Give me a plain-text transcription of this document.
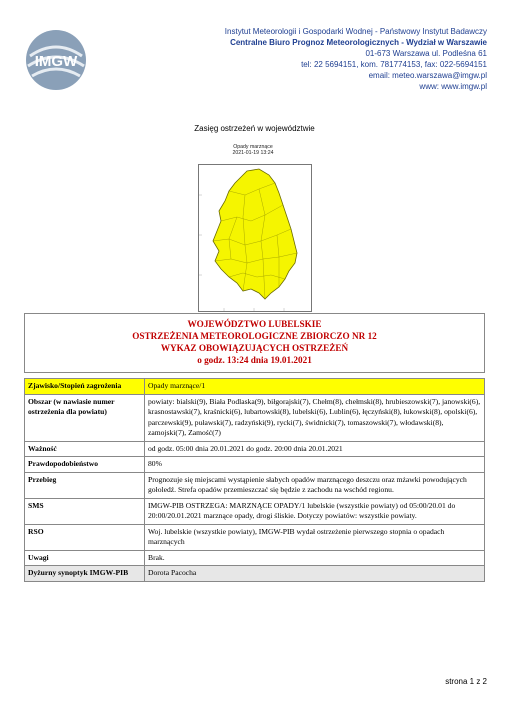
IMGW
Instytut Meteorologii i Gospodarki Wodnej - Państwowy Instytut Badawczy
Centralne Biuro Prognoz Meteorologicznych - Wydział w Warszawie
01-673 Warszawa ul. Podleśna 61
tel: 22 5694151, kom. 781774153, fax: 022-5694151
email: meteo.warszawa@imgw.pl
www: www.imgw.pl
Zasięg ostrzeżeń w województwie
Opady marznące
2021-01-19 13:24
WOJEWÓDZTWO LUBELSKIE
OSTRZEŻENIA METEOROLOGICZNE ZBIORCZO NR 12
WYKAZ OBOWIĄZUJĄCYCH OSTRZEŻEŃ
o godz. 13:24 dnia 19.01.2021
Zjawisko/Stopień zagrożenia	Opady marznące/1
Obszar (w nawiasie numer ostrzeżenia dla powiatu)	powiaty: bialski(9), Biała Podlaska(9), biłgorajski(7), Chełm(8), chełmski(8), hrubieszowski(7), janowski(6), krasnostawski(7), kraśnicki(6), lubartowski(8), lubelski(6), Lublin(6), łęczyński(8), łukowski(8), opolski(6), parczewski(9), puławski(7), radzyński(9), rycki(7), świdnicki(7), tomaszowski(7), włodawski(8), zamojski(7), Zamość(7)
Ważność	od godz. 05:00 dnia 20.01.2021 do godz. 20:00 dnia 20.01.2021
Prawdopodobieństwo	80%
Przebieg	Prognozuje się miejscami wystąpienie słabych opadów marznącego deszczu oraz mżawki powodujących gołoledź. Strefa opadów przemieszczać się będzie z zachodu na wschód regionu.
SMS	IMGW-PIB OSTRZEGA: MARZNĄCE OPADY/1 lubelskie (wszystkie powiaty) od 05:00/20.01 do 20:00/20.01.2021 marznące opady, drogi śliskie. Dotyczy powiatów: wszystkie powiaty.
RSO	Woj. lubelskie (wszystkie powiaty), IMGW-PIB wydał ostrzeżenie pierwszego stopnia o opadach marznących
Uwagi	Brak.
Dyżurny synoptyk IMGW-PIB	Dorota Pacocha
strona 1 z 2
